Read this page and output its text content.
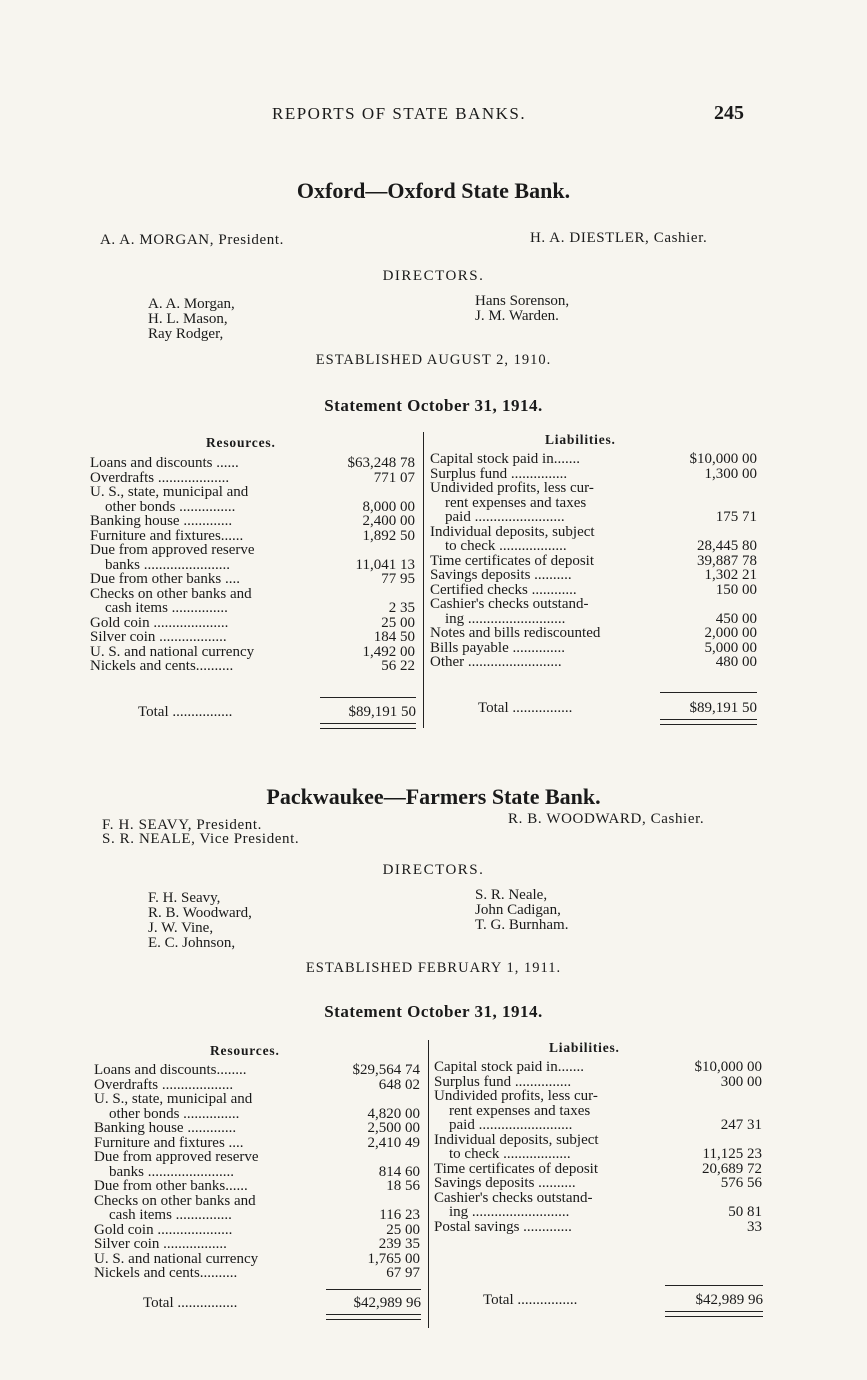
REPORTS OF STATE BANKS.	245
Oxford—Oxford State Bank.
A. A. MORGAN, President.	H. A. DIESTLER, Cashier.
DIRECTORS.
A. A. Morgan,
H. L. Mason,
Ray Rodger,
Hans Sorenson,
J. M. Warden.
ESTABLISHED AUGUST 2, 1910.
Statement October 31, 1914.
Resources.	Liabilities.
Loans and discounts ......	$63,248 78
Overdrafts ...................	771 07
U. S., state, municipal and
other bonds ...............	8,000 00
Banking house .............	2,400 00
Furniture and fixtures......	1,892 50
Due from approved reserve
banks .......................	11,041 13
Due from other banks ....	77 95
Checks on other banks and
cash items ...............	2 35
Gold coin ....................	25 00
Silver coin ..................	184 50
U. S. and national currency	1,492 00
Nickels and cents..........	56 22
Capital stock paid in.......	$10,000 00
Surplus fund ...............	1,300 00
Undivided profits, less cur-
rent expenses and taxes
paid ........................	175 71
Individual deposits, subject
to check ..................	28,445 80
Time certificates of deposit	39,887 78
Savings deposits ..........	1,302 21
Certified checks ............	150 00
Cashier's checks outstand-
ing ..........................	450 00
Notes and bills rediscounted	2,000 00
Bills payable ..............	5,000 00
Other .........................	480 00
Total ................	$89,191 50	Total ................	$89,191 50
Packwaukee—Farmers State Bank.
F. H. SEAVY, President.
S. R. NEALE, Vice President.
R. B. WOODWARD, Cashier.
DIRECTORS.
F. H. Seavy,
R. B. Woodward,
J. W. Vine,
E. C. Johnson,
S. R. Neale,
John Cadigan,
T. G. Burnham.
ESTABLISHED FEBRUARY 1, 1911.
Statement October 31, 1914.
Resources.	Liabilities.
Loans and discounts........	$29,564 74
Overdrafts ...................	648 02
U. S., state, municipal and
other bonds ...............	4,820 00
Banking house .............	2,500 00
Furniture and fixtures ....	2,410 49
Due from approved reserve
banks .......................	814 60
Due from other banks......	18 56
Checks on other banks and
cash items ...............	116 23
Gold coin ....................	25 00
Silver coin .................	239 35
U. S. and national currency	1,765 00
Nickels and cents..........	67 97
Capital stock paid in.......	$10,000 00
Surplus fund ...............	300 00
Undivided profits, less cur-
rent expenses and taxes
paid .........................	247 31
Individual deposits, subject
to check ..................	11,125 23
Time certificates of deposit	20,689 72
Savings deposits ..........	576 56
Cashier's checks outstand-
ing ..........................	50 81
Postal savings .............	33
Total ................	$42,989 96	Total ................	$42,989 96
